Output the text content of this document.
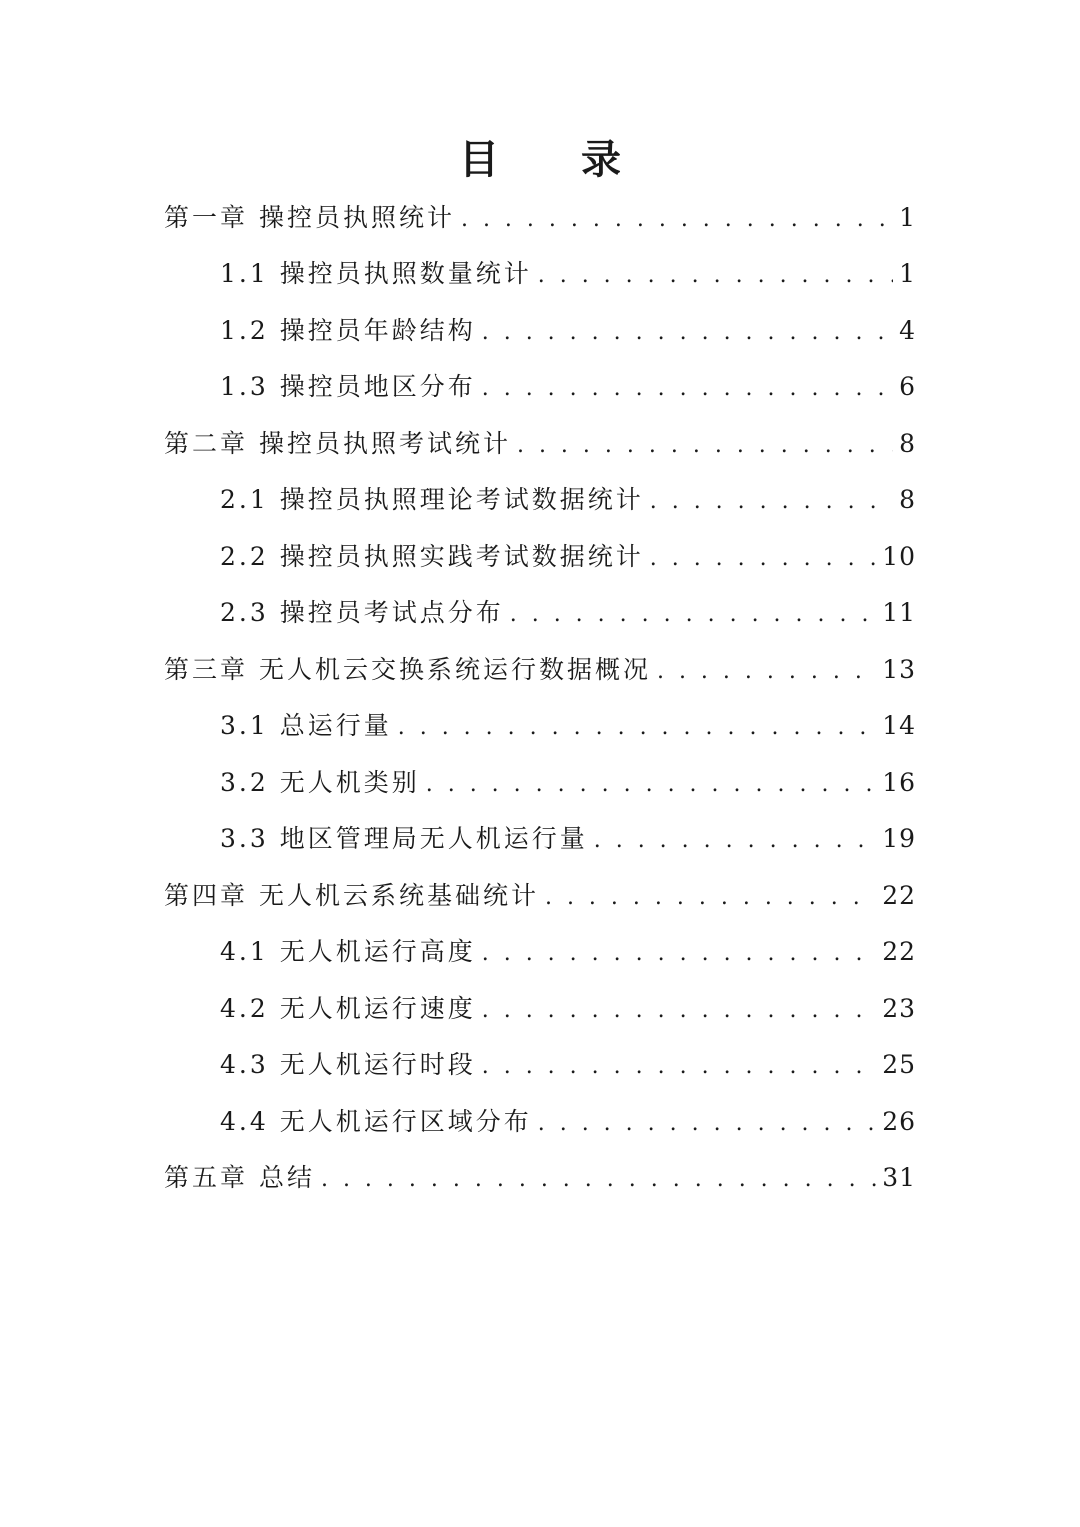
目 录
第一章 操控员执照统计 . . .	1
1.1 操控员执照数量统计 . . .	1
1.2 操控员年龄结构 . . .	4
1.3 操控员地区分布 . . .	6
第二章 操控员执照考试统计 . . .	8
2.1 操控员执照理论考试数据统计 . . .	8
2.2 操控员执照实践考试数据统计 . . .	10
2.3 操控员考试点分布 . . .	11
第三章 无人机云交换系统运行数据概况 . . .	13
3.1 总运行量 . . .	14
3.2 无人机类别 . . .	16
3.3 地区管理局无人机运行量 . . .	19
第四章 无人机云系统基础统计 . . .	22
4.1 无人机运行高度 . . .	22
4.2 无人机运行速度 . . .	23
4.3 无人机运行时段 . . .	25
4.4 无人机运行区域分布 . . .	26
第五章 总结 . . .	31
